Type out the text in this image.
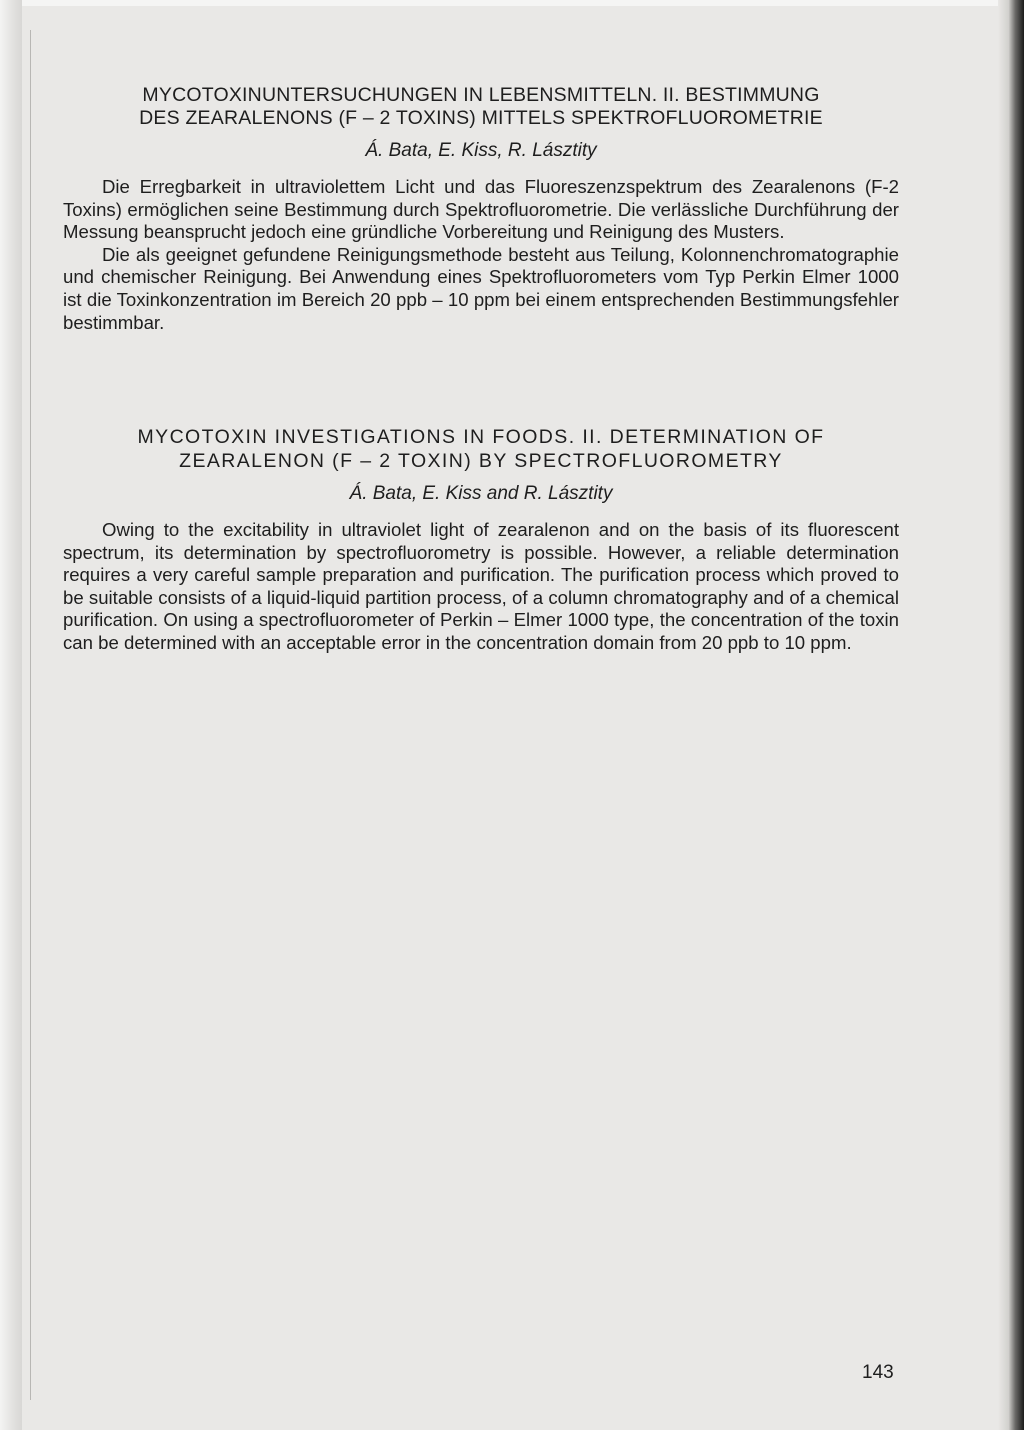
MYCOTOXINUNTERSUCHUNGEN IN LEBENSMITTELN. II. BESTIMMUNG
DES ZEARALENONS (F – 2 TOXINS) MITTELS SPEKTROFLUOROMETRIE

Á. Bata, E. Kiss, R. Lásztity

Die Erregbarkeit in ultraviolettem Licht und das Fluoreszenzspektrum des Zearalenons (F-2 Toxins) ermöglichen seine Bestimmung durch Spektrofluorometrie. Die verlässliche Durchführung der Messung beansprucht jedoch eine gründliche Vorbereitung und Reinigung des Musters.

Die als geeignet gefundene Reinigungsmethode besteht aus Teilung, Kolonnenchromatographie und chemischer Reinigung. Bei Anwendung eines Spektrofluorometers vom Typ Perkin Elmer 1000 ist die Toxinkonzentration im Bereich 20 ppb – 10 ppm bei einem entsprechenden Bestimmungsfehler bestimmbar.

MYCOTOXIN INVESTIGATIONS IN FOODS. II. DETERMINATION OF
ZEARALENON (F – 2 TOXIN) BY SPECTROFLUOROMETRY

Á. Bata, E. Kiss and R. Lásztity

Owing to the excitability in ultraviolet light of zearalenon and on the basis of its fluorescent spectrum, its determination by spectrofluorometry is possible. However, a reliable determination requires a very careful sample preparation and purification. The purification process which proved to be suitable consists of a liquid-liquid partition process, of a column chromatography and of a chemical purification. On using a spectrofluorometer of Perkin – Elmer 1000 type, the concentration of the toxin can be determined with an acceptable error in the concentration domain from 20 ppb to 10 ppm.

143
